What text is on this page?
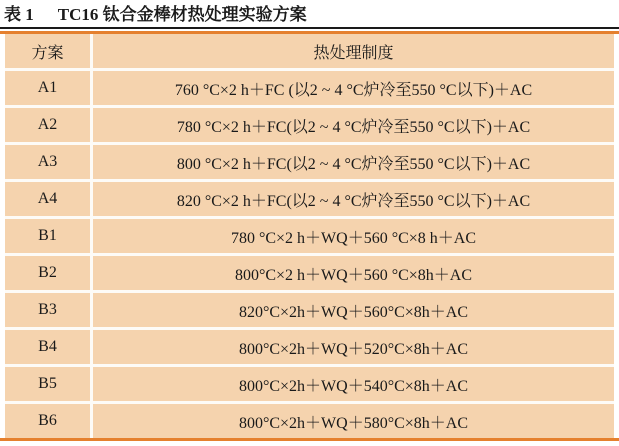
表 1 TC16 钛合金棒材热处理实验方案
方案	热处理制度
A1	760 °C×2 h＋FC (以2 ~ 4 °C炉冷至550 °C以下)＋AC
A2	780 °C×2 h＋FC(以2 ~ 4 °C炉冷至550 °C以下)＋AC
A3	800 °C×2 h＋FC(以2 ~ 4 °C炉冷至550 °C以下)＋AC
A4	820 °C×2 h＋FC(以2 ~ 4 °C炉冷至550 °C以下)＋AC
B1	780 °C×2 h＋WQ＋560 °C×8 h＋AC
B2	800°C×2 h＋WQ＋560 °C×8h＋AC
B3	820°C×2h＋WQ＋560°C×8h＋AC
B4	800°C×2h＋WQ＋520°C×8h＋AC
B5	800°C×2h＋WQ＋540°C×8h＋AC
B6	800°C×2h＋WQ＋580°C×8h＋AC
